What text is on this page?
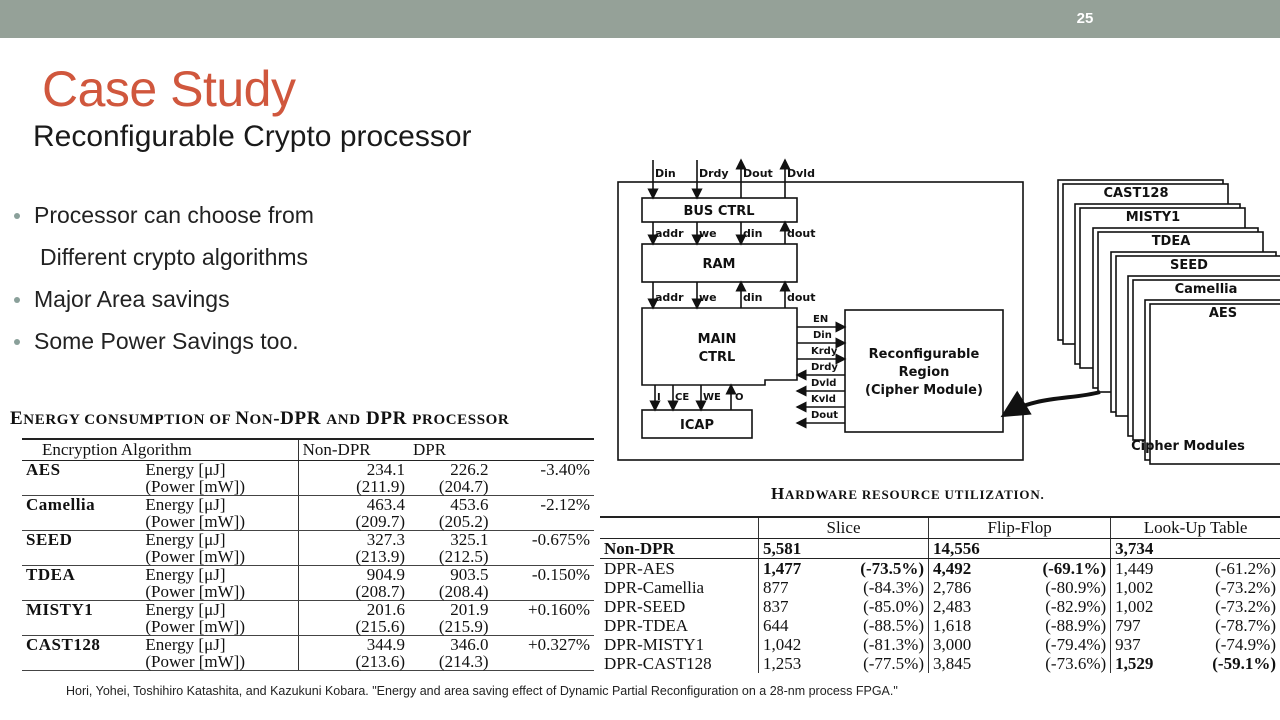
25
Case Study
Reconfigurable Crypto processor
Processor can choose from
Different crypto algorithms
Major Area savings
Some Power Savings too.
ENERGY CONSUMPTION OF NON-DPR AND DPR PROCESSOR
Encryption Algorithm		Non-DPR	DPR	
AES	Energy [μJ]	234.1	226.2	-3.40%
	(Power [mW])	(211.9)	(204.7)	
Camellia	Energy [μJ]	463.4	453.6	-2.12%
	(Power [mW])	(209.7)	(205.2)	
SEED	Energy [μJ]	327.3	325.1	-0.675%
	(Power [mW])	(213.9)	(212.5)	
TDEA	Energy [μJ]	904.9	903.5	-0.150%
	(Power [mW])	(208.7)	(208.4)	
MISTY1	Energy [μJ]	201.6	201.9	+0.160%
	(Power [mW])	(215.6)	(215.9)	
CAST128	Energy [μJ]	344.9	346.0	+0.327%
	(Power [mW])	(213.6)	(214.3)	
Din Drdy Dout Dvld
BUS CTRL
addr we din dout
RAM
addr we din dout
MAIN
CTRL
EN
Din
Krdy
Drdy
Dvld
Kvld
Dout
I CE WE O
ICAP
Reconfigurable
Region
(Cipher Module)
CAST128
MISTY1
TDEA
SEED
Camellia
AES
Cipher Modules
HARDWARE RESOURCE UTILIZATION.
	Slice		Flip-Flop		Look-Up Table	
Non-DPR	5,581		14,556		3,734	
DPR-AES	1,477	(-73.5%)	4,492	(-69.1%)	1,449	(-61.2%)
DPR-Camellia	877	(-84.3%)	2,786	(-80.9%)	1,002	(-73.2%)
DPR-SEED	837	(-85.0%)	2,483	(-82.9%)	1,002	(-73.2%)
DPR-TDEA	644	(-88.5%)	1,618	(-88.9%)	797	(-78.7%)
DPR-MISTY1	1,042	(-81.3%)	3,000	(-79.4%)	937	(-74.9%)
DPR-CAST128	1,253	(-77.5%)	3,845	(-73.6%)	1,529	(-59.1%)
Hori, Yohei, Toshihiro Katashita, and Kazukuni Kobara. "Energy and area saving effect of Dynamic Partial Reconfiguration on a 28-nm process FPGA."
